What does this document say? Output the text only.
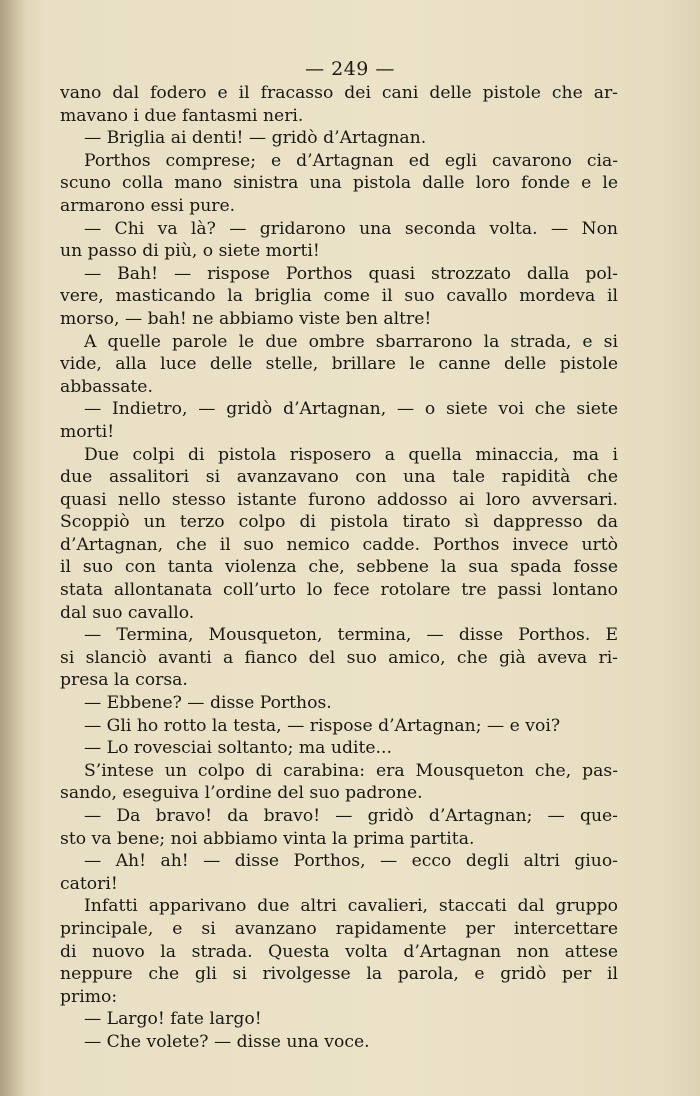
— 249 —
vano dal fodero e il fracasso dei cani delle pistole che ar-
mavano i due fantasmi neri.
— Briglia ai denti! — gridò d’Artagnan.
Porthos comprese; e d’Artagnan ed egli cavarono cia-
scuno colla mano sinistra una pistola dalle loro fonde e le
armarono essi pure.
— Chi va là? — gridarono una seconda volta. — Non
un passo di più, o siete morti!
— Bah! — rispose Porthos quasi strozzato dalla pol-
vere, masticando la briglia come il suo cavallo mordeva il
morso, — bah! ne abbiamo viste ben altre!
A quelle parole le due ombre sbarrarono la strada, e si
vide, alla luce delle stelle, brillare le canne delle pistole
abbassate.
— Indietro, — gridò d’Artagnan, — o siete voi che siete
morti!
Due colpi di pistola risposero a quella minaccia, ma i
due assalitori si avanzavano con una tale rapidità che
quasi nello stesso istante furono addosso ai loro avversari.
Scoppiò un terzo colpo di pistola tirato sì dappresso da
d’Artagnan, che il suo nemico cadde. Porthos invece urtò
il suo con tanta violenza che, sebbene la sua spada fosse
stata allontanata coll’urto lo fece rotolare tre passi lontano
dal suo cavallo.
— Termina, Mousqueton, termina, — disse Porthos. E
si slanciò avanti a fianco del suo amico, che già aveva ri-
presa la corsa.
— Ebbene? — disse Porthos.
— Gli ho rotto la testa, — rispose d’Artagnan; — e voi?
— Lo rovesciai soltanto; ma udite...
S’intese un colpo di carabina: era Mousqueton che, pas-
sando, eseguiva l’ordine del suo padrone.
— Da bravo! da bravo! — gridò d’Artagnan; — que-
sto va bene; noi abbiamo vinta la prima partita.
— Ah! ah! — disse Porthos, — ecco degli altri giuo-
catori!
Infatti apparivano due altri cavalieri, staccati dal gruppo
principale, e si avanzano rapidamente per intercettare
di nuovo la strada. Questa volta d’Artagnan non attese
neppure che gli si rivolgesse la parola, e gridò per il
primo:
— Largo! fate largo!
— Che volete? — disse una voce.
